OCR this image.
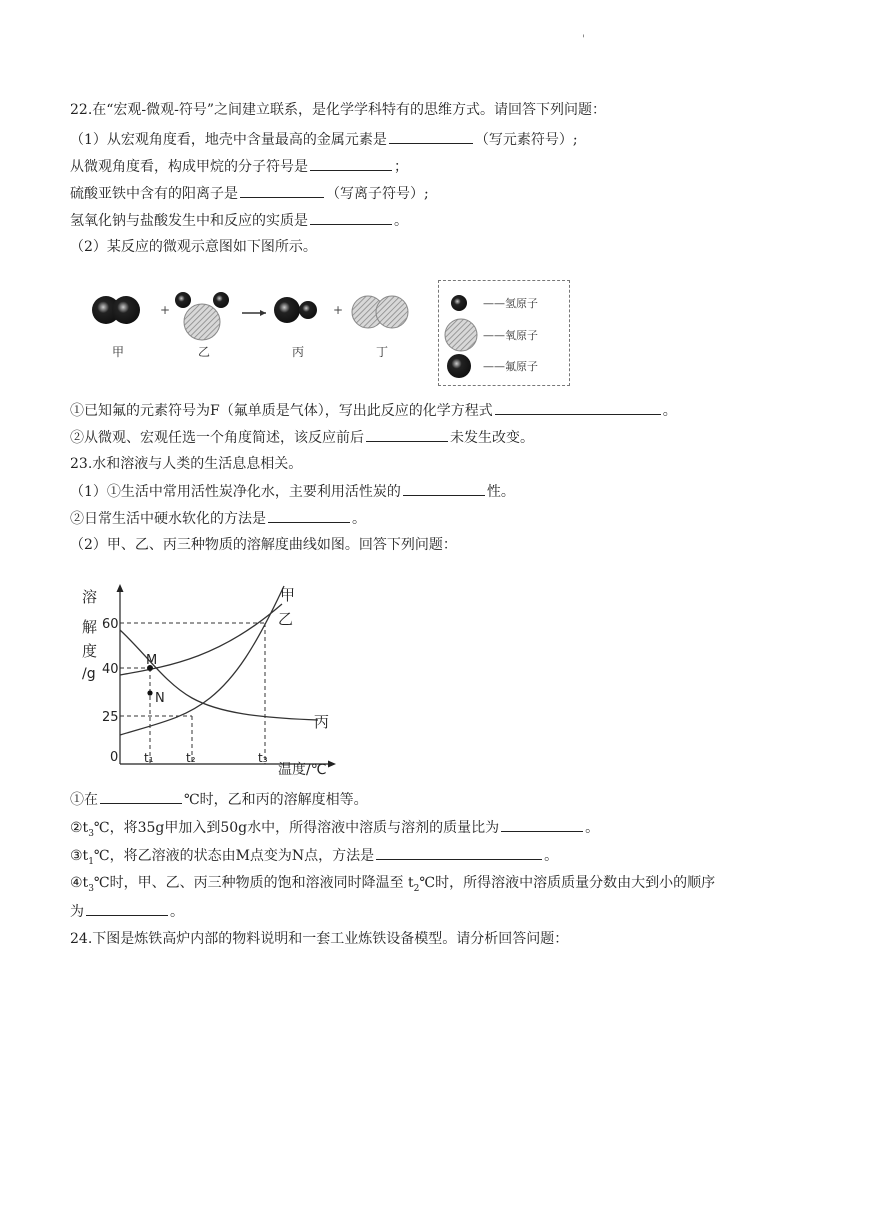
'
22.在“宏观-微观-符号”之间建立联系，是化学学科特有的思维方式。请回答下列问题：
（1）从宏观角度看，地壳中含量最高的金属元素是	（写元素符号）;
从微观角度看，构成甲烷的分子符号是	；
硫酸亚铁中含有的阳离子是	（写离子符号）;
氢氧化钠与盐酸发生中和反应的实质是	。
（2）某反应的微观示意图如下图所示。
+	+
甲	乙	丙	丁
——氢原子
——氧原子
——氟原子
①已知氟的元素符号为F（氟单质是气体），写出此反应的化学方程式	。
②从微观、宏观任选一个角度简述，该反应前后	未发生改变。
23.水和溶液与人类的生活息息相关。
（1）①生活中常用活性炭净化水，主要利用活性炭的	性。
②日常生活中硬水软化的方法是	。
（2）甲、乙、丙三种物质的溶解度曲线如图。回答下列问题：
溶
解
度
/g
60
40
25
0
M
N
甲
乙
丙
t₁	t₂	t₃
温度/℃
①在	℃时，乙和丙的溶解度相等。
$②t_3℃$，将35g甲加入到50g水中，所得溶液中溶质与溶剂的质量比为	。
$③t_1℃$，将乙溶液的状态由M点变为N点，方法是	。
$④t_3℃$时，甲、乙、丙三种物质的饱和溶液同时降温至 $t_2℃$时，所得溶液中溶质质量分数由大到小的顺序
为	。
24.下图是炼铁高炉内部的物料说明和一套工业炼铁设备模型。请分析回答问题：
